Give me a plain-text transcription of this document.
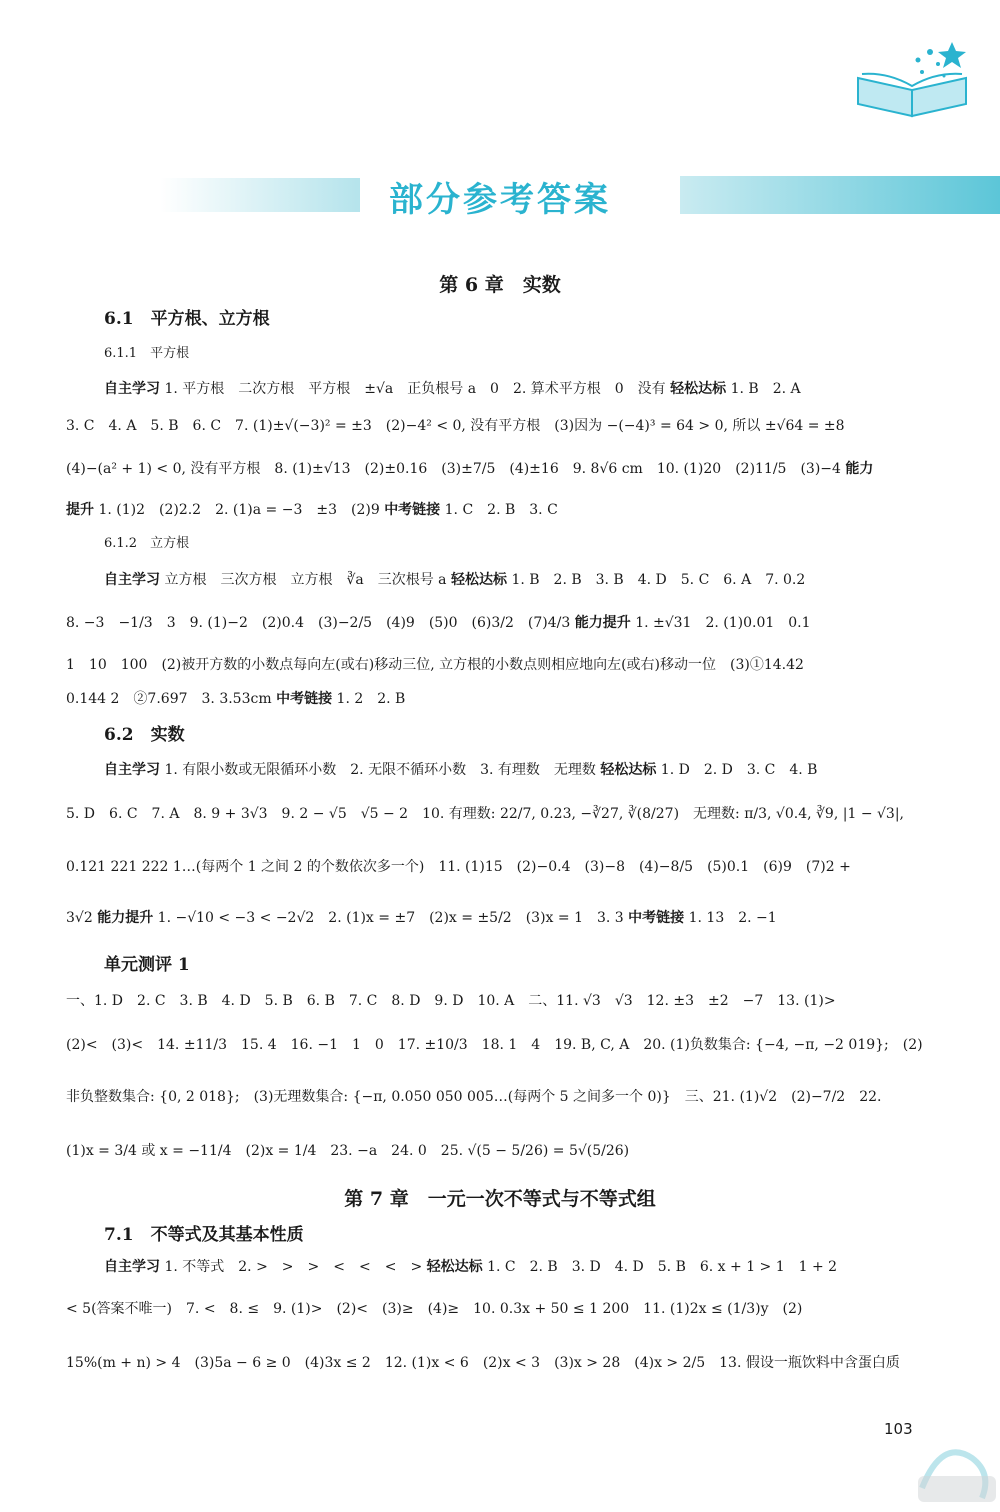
部分参考答案
第 6 章　实数
6.1　平方根、立方根
6.1.1　平方根
自主学习 1. 平方根　二次方根　平方根　±√a　正负根号 a　0　2. 算术平方根　0　没有 轻松达标 1. B　2. A
3. C　4. A　5. B　6. C　7. (1)±√(−3)² = ±3　(2)−4² < 0, 没有平方根　(3)因为 −(−4)³ = 64 > 0, 所以 ±√64 = ±8
(4)−(a² + 1) < 0, 没有平方根　8. (1)±√13　(2)±0.16　(3)±7/5　(4)±16　9. 8√6 cm　10. (1)20　(2)11/5　(3)−4 能力
提升 1. (1)2　(2)2.2　2. (1)a = −3　±3　(2)9 中考链接 1. C　2. B　3. C
6.1.2　立方根
自主学习 立方根　三次方根　立方根　∛a　三次根号 a 轻松达标 1. B　2. B　3. B　4. D　5. C　6. A　7. 0.2
8. −3　−1/3　3　9. (1)−2　(2)0.4　(3)−2/5　(4)9　(5)0　(6)3/2　(7)4/3 能力提升 1. ±√31　2. (1)0.01　0.1
1　10　100　(2)被开方数的小数点每向左(或右)移动三位, 立方根的小数点则相应地向左(或右)移动一位　(3)①14.42
0.144 2　②7.697　3. 3.53cm 中考链接 1. 2　2. B
6.2　实数
自主学习 1. 有限小数或无限循环小数　2. 无限不循环小数　3. 有理数　无理数 轻松达标 1. D　2. D　3. C　4. B
5. D　6. C　7. A　8. 9 + 3√3　9. 2 − √5　√5 − 2　10. 有理数: 22/7, 0.23, −∛27, ∛(8/27)　无理数: π/3, √0.4, ∛9, |1 − √3|,
0.121 221 222 1…(每两个 1 之间 2 的个数依次多一个)　11. (1)15　(2)−0.4　(3)−8　(4)−8/5　(5)0.1　(6)9　(7)2 +
3√2 能力提升 1. −√10 < −3 < −2√2　2. (1)x = ±7　(2)x = ±5/2　(3)x = 1　3. 3 中考链接 1. 13　2. −1
单元测评 1
一、1. D　2. C　3. B　4. D　5. B　6. B　7. C　8. D　9. D　10. A　二、11. √3　√3　12. ±3　±2　−7　13. (1)>
(2)<　(3)<　14. ±11/3　15. 4　16. −1　1　0　17. ±10/3　18. 1　4　19. B, C, A　20. (1)负数集合: {−4, −π, −2 019};　(2)
非负整数集合: {0, 2 018};　(3)无理数集合: {−π, 0.050 050 005…(每两个 5 之间多一个 0)}　三、21. (1)√2　(2)−7/2　22.
(1)x = 3/4 或 x = −11/4　(2)x = 1/4　23. −a　24. 0　25. √(5 − 5/26) = 5√(5/26)
第 7 章　一元一次不等式与不等式组
7.1　不等式及其基本性质
自主学习 1. 不等式　2. >　>　>　<　<　<　> 轻松达标 1. C　2. B　3. D　4. D　5. B　6. x + 1 > 1　1 + 2
< 5(答案不唯一)　7. <　8. ≤　9. (1)>　(2)<　(3)≥　(4)≥　10. 0.3x + 50 ≤ 1 200　11. (1)2x ≤ (1/3)y　(2)
15%(m + n) > 4　(3)5a − 6 ≥ 0　(4)3x ≤ 2　12. (1)x < 6　(2)x < 3　(3)x > 28　(4)x > 2/5　13. 假设一瓶饮料中含蛋白质
103
